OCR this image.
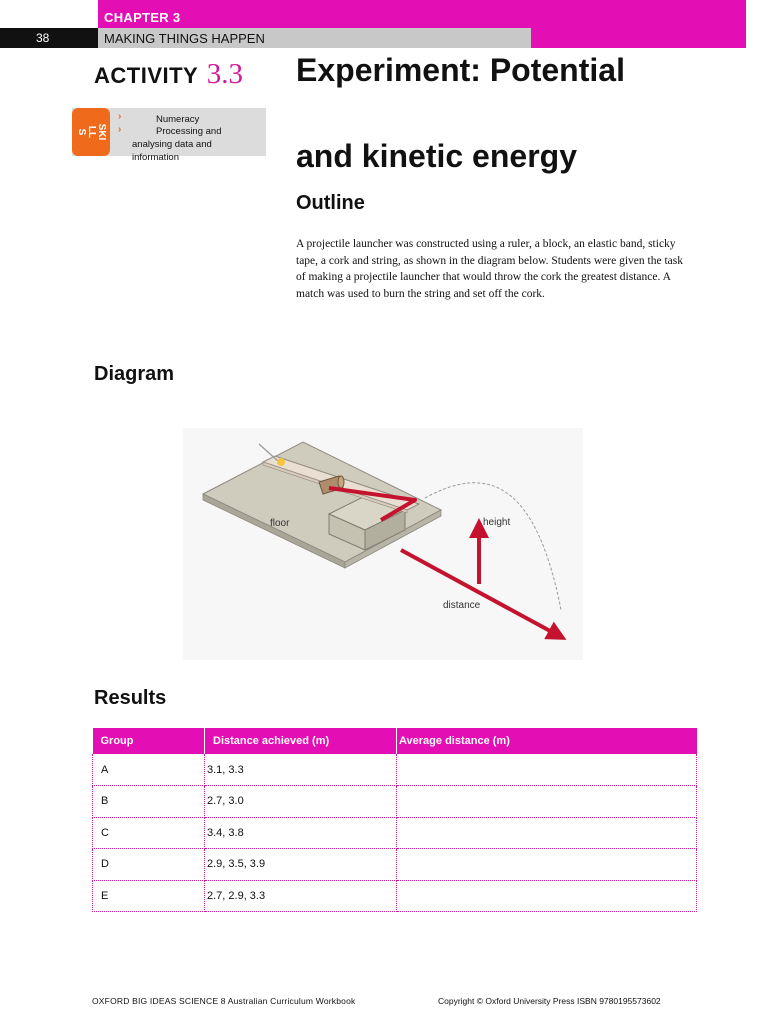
CHAPTER 3
38	MAKING THINGS HAPPEN
ACTIVITY 3.3
SKILLS
›	Numeracy
›	Processing and analysing data and information
Experiment: Potential
and kinetic energy
Outline
A projectile launcher was constructed using a ruler, a block, an elastic band, sticky tape, a cork and string, as shown in the diagram below. Students were given the task of making a projectile launcher that would throw the cork the greatest distance. A match was used to burn the string and set off the cork.
Diagram
floor	height
distance
Results
Group	Distance achieved (m)	Average distance (m)
A	3.1, 3.3	
B	2.7, 3.0	
C	3.4, 3.8	
D	2.9, 3.5, 3.9	
E	2.7, 2.9, 3.3	
OXFORD BIG IDEAS SCIENCE 8 Australian Curriculum Workbook	Copyright © Oxford University Press ISBN 9780195573602
